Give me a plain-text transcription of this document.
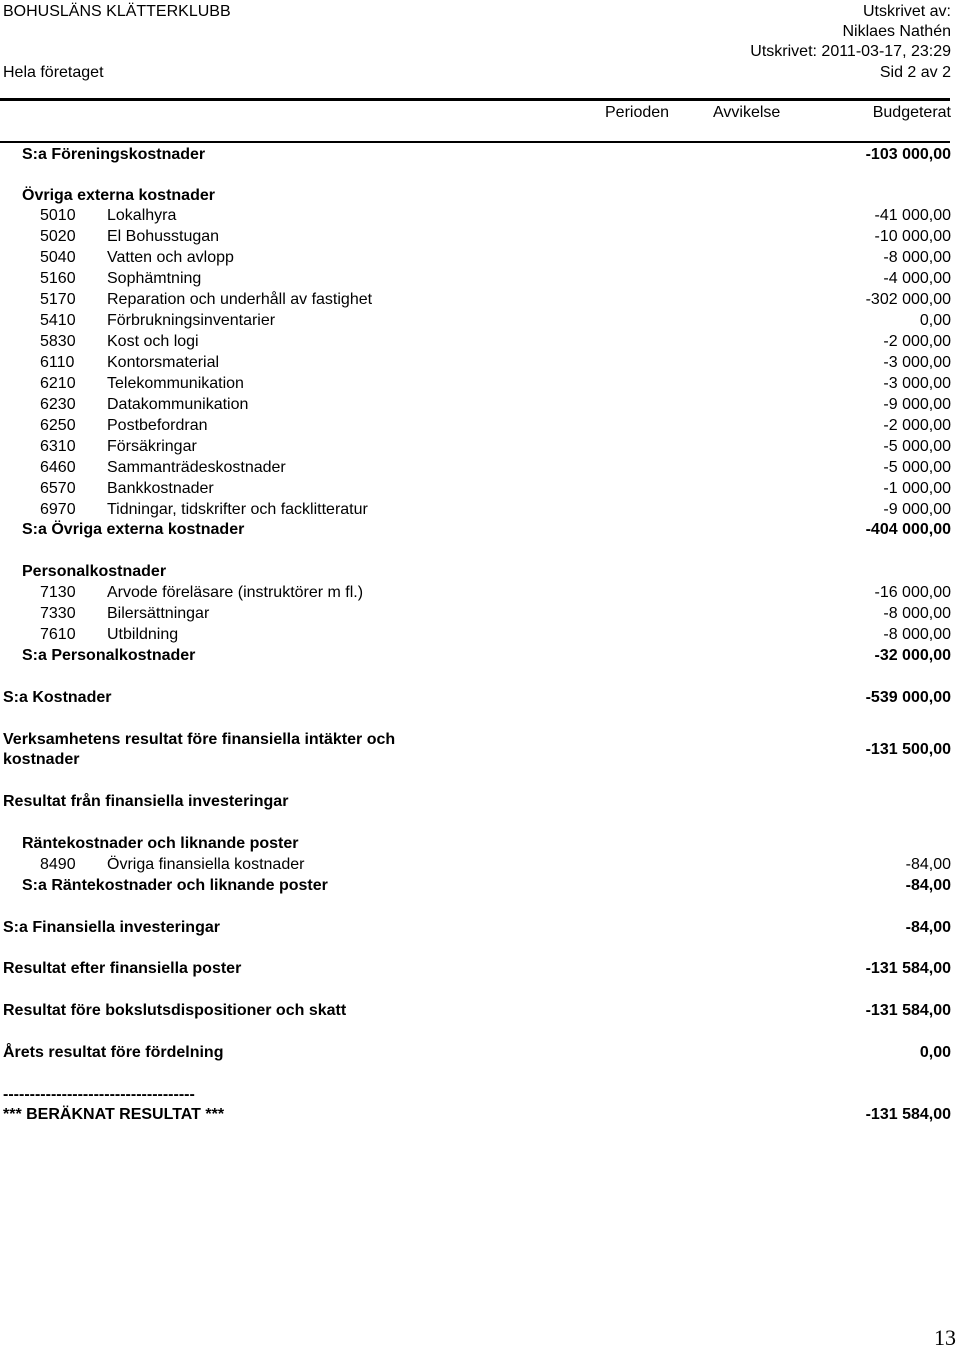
BOHUSLÄNS KLÄTTERKLUBB	Utskrivet av:
Niklaes Nathén
Utskrivet: 2011-03-17, 23:29
Hela företaget	Sid 2 av 2
Perioden	Avvikelse	Budgeterat
S:a Föreningskostnader	-103 000,00
Övriga externa kostnader
5010 Lokalhyra	-41 000,00
5020 El Bohusstugan	-10 000,00
5040 Vatten och avlopp	-8 000,00
5160 Sophämtning	-4 000,00
5170 Reparation och underhåll av fastighet	-302 000,00
5410 Förbrukningsinventarier	0,00
5830 Kost och logi	-2 000,00
6110 Kontorsmaterial	-3 000,00
6210 Telekommunikation	-3 000,00
6230 Datakommunikation	-9 000,00
6250 Postbefordran	-2 000,00
6310 Försäkringar	-5 000,00
6460 Sammanträdeskostnader	-5 000,00
6570 Bankkostnader	-1 000,00
6970 Tidningar, tidskrifter och facklitteratur	-9 000,00
S:a Övriga externa kostnader	-404 000,00
Personalkostnader
7130 Arvode föreläsare (instruktörer m fl.)	-16 000,00
7330 Bilersättningar	-8 000,00
7610 Utbildning	-8 000,00
S:a Personalkostnader	-32 000,00
S:a Kostnader	-539 000,00
Verksamhetens resultat före finansiella intäkter och
kostnader
-131 500,00
Resultat från finansiella investeringar
Räntekostnader och liknande poster
8490 Övriga finansiella kostnader	-84,00
S:a Räntekostnader och liknande poster	-84,00
S:a Finansiella investeringar	-84,00
Resultat efter finansiella poster	-131 584,00
Resultat före bokslutsdispositioner och skatt	-131 584,00
Årets resultat före fördelning	0,00
------------------------------------
*** BERÄKNAT RESULTAT ***	-131 584,00
13
